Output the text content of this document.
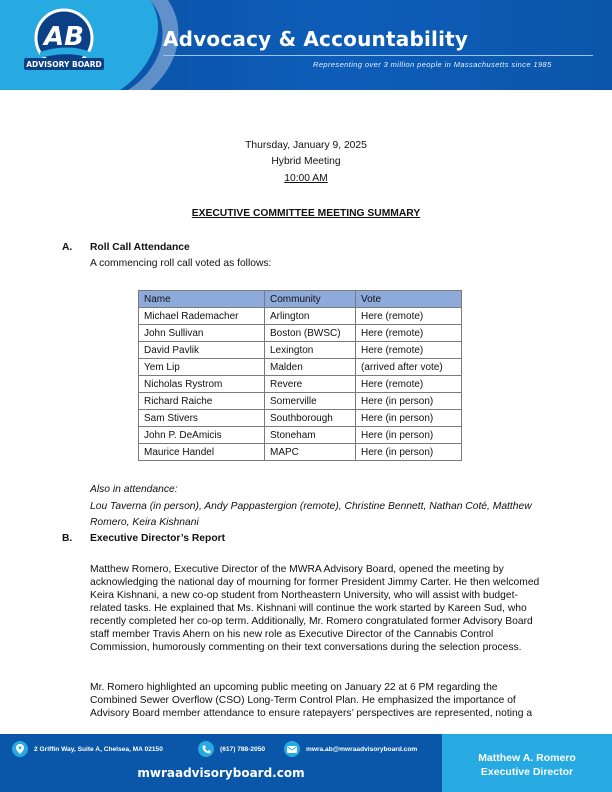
AB
ADVISORY BOARD
Advocacy & Accountability
Representing over 3 million people in Massachusetts since 1985
Thursday, January 9, 2025
Hybrid Meeting
10:00 AM
EXECUTIVE COMMITTEE MEETING SUMMARY
A. Roll Call Attendance
A commencing roll call voted as follows:
Name	Community	Vote
Michael Rademacher	Arlington	Here (remote)
John Sullivan	Boston (BWSC)	Here (remote)
David Pavlik	Lexington	Here (remote)
Yem Lip	Malden	(arrived after vote)
Nicholas Rystrom	Revere	Here (remote)
Richard Raiche	Somerville	Here (in person)
Sam Stivers	Southborough	Here (in person)
John P. DeAmicis	Stoneham	Here (in person)
Maurice Handel	MAPC	Here (in person)
Also in attendance:
Lou Taverna (in person), Andy Pappastergion (remote), Christine Bennett, Nathan Coté, Matthew
Romero, Keira Kishnani
B. Executive Director’s Report

Matthew Romero, Executive Director of the MWRA Advisory Board, opened the meeting by

acknowledging the national day of mourning for former President Jimmy Carter. He then welcomed

Keira Kishnani, a new co-op student from Northeastern University, who will assist with budget-

related tasks. He explained that Ms. Kishnani will continue the work started by Kareen Sud, who

recently completed her co-op term. Additionally, Mr. Romero congratulated former Advisory Board

staff member Travis Ahern on his new role as Executive Director of the Cannabis Control

Commission, humorously commenting on their text conversations during the selection process.

Mr. Romero highlighted an upcoming public meeting on January 22 at 6 PM regarding the

Combined Sewer Overflow (CSO) Long-Term Control Plan. He emphasized the importance of

Advisory Board member attendance to ensure ratepayers’ perspectives are represented, noting a

2 Griffin Way, Suite A, Chelsea, MA 02150	(617) 788-2050	mwra.ab@mwraadvisoryboard.com
mwraadvisoryboard.com
Matthew A. Romero
Executive Director
